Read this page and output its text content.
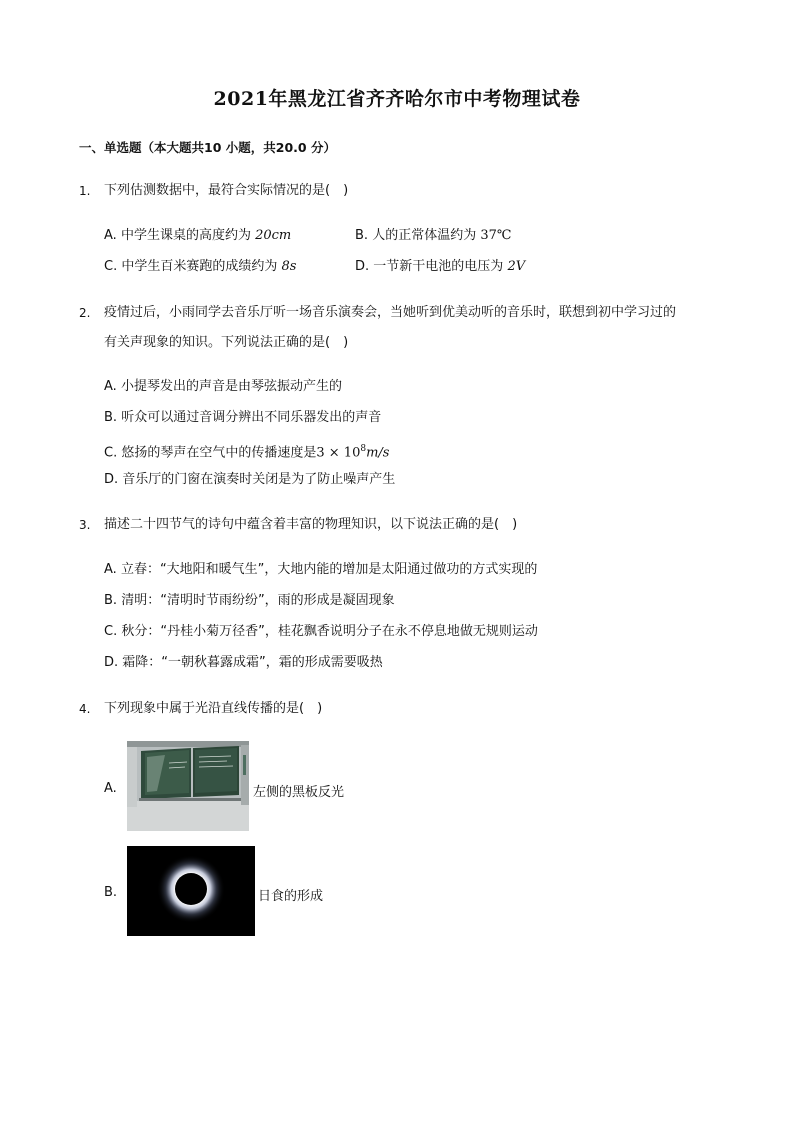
2021年黑龙江省齐齐哈尔市中考物理试卷
一、单选题（本大题共10 小题，共20.0 分）
1.	下列估测数据中，最符合实际情况的是(　)
A. 中学生课桌的高度约为 20cm	B. 人的正常体温约为 37℃
C. 中学生百米赛跑的成绩约为 8s	D. 一节新干电池的电压为 2V
2.	疫情过后，小雨同学去音乐厅听一场音乐演奏会，当她听到优美动听的音乐时，联想到初中学习过的
有关声现象的知识。下列说法正确的是(　)
A. 小提琴发出的声音是由琴弦振动产生的
B. 听众可以通过音调分辨出不同乐器发出的声音
C. 悠扬的琴声在空气中的传播速度是$3 \times 10^8m/s$
D. 音乐厅的门窗在演奏时关闭是为了防止噪声产生
3.	描述二十四节气的诗句中蕴含着丰富的物理知识，以下说法正确的是(　)
A. 立春：“大地阳和暖气生”，大地内能的增加是太阳通过做功的方式实现的
B. 清明：“清明时节雨纷纷”，雨的形成是凝固现象
C. 秋分：“丹桂小菊万径香”，桂花飘香说明分子在永不停息地做无规则运动
D. 霜降：“一朝秋暮露成霜”，霜的形成需要吸热
4.	下列现象中属于光沿直线传播的是(　)
A.	左侧的黑板反光
B.	日食的形成
